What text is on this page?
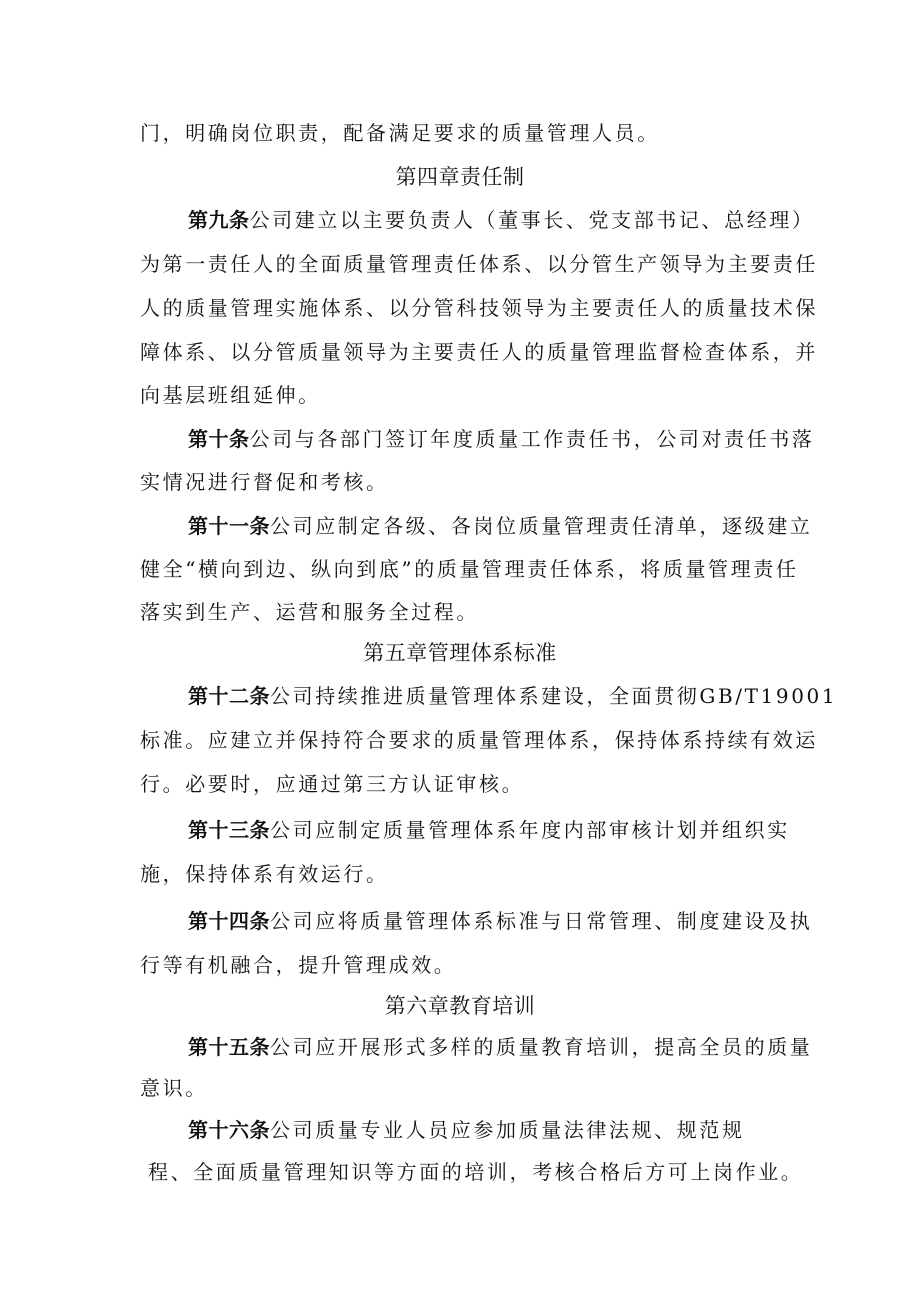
门，明确岗位职责，配备满足要求的质量管理人员。
第四章责任制
第九条公司建立以主要负责人（董事长、党支部书记、总经理）
为第一责任人的全面质量管理责任体系、以分管生产领导为主要责任
人的质量管理实施体系、以分管科技领导为主要责任人的质量技术保
障体系、以分管质量领导为主要责任人的质量管理监督检查体系，并
向基层班组延伸。
第十条公司与各部门签订年度质量工作责任书，公司对责任书落
实情况进行督促和考核。
第十一条公司应制定各级、各岗位质量管理责任清单，逐级建立
健全“横向到边、纵向到底”的质量管理责任体系，将质量管理责任
落实到生产、运营和服务全过程。
第五章管理体系标准
第十二条公司持续推进质量管理体系建设，全面贯彻GB/T19001
标准。应建立并保持符合要求的质量管理体系，保持体系持续有效运
行。必要时，应通过第三方认证审核。
第十三条公司应制定质量管理体系年度内部审核计划并组织实
施，保持体系有效运行。
第十四条公司应将质量管理体系标准与日常管理、制度建设及执
行等有机融合，提升管理成效。
第六章教育培训
第十五条公司应开展形式多样的质量教育培训，提高全员的质量
意识。
第十六条公司质量专业人员应参加质量法律法规、规范规
程、全面质量管理知识等方面的培训，考核合格后方可上岗作业。
